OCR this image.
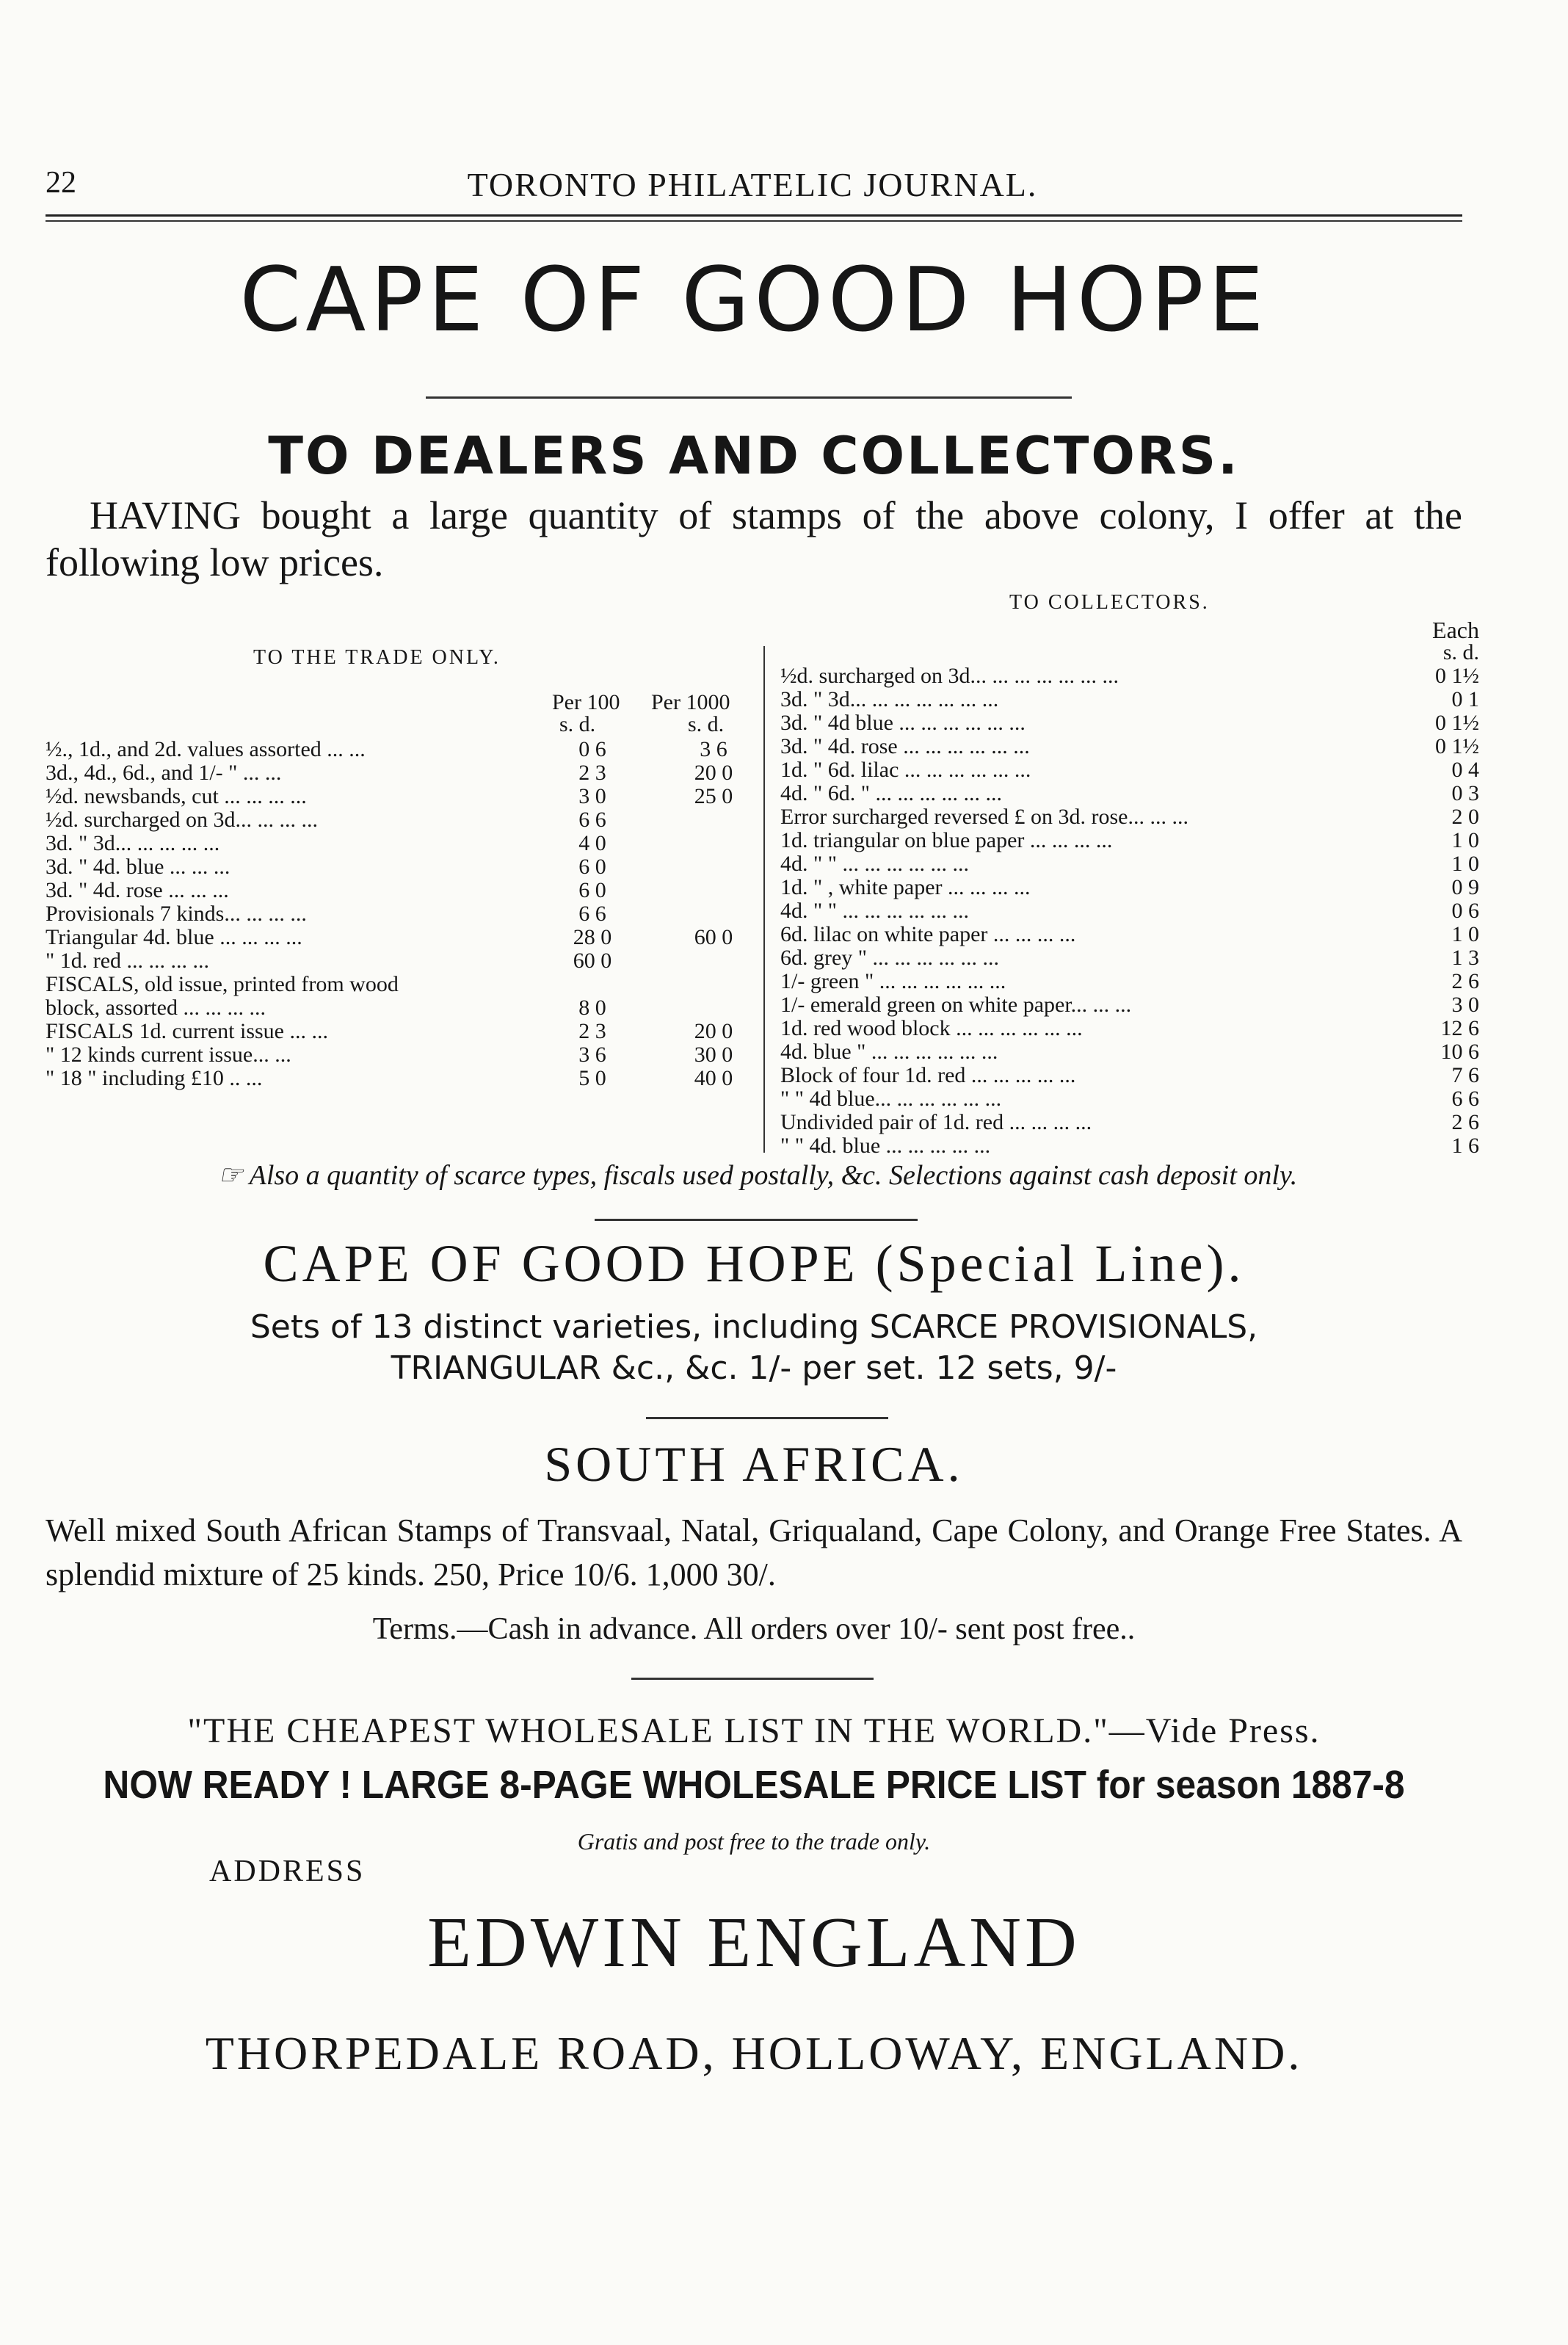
22	TORONTO PHILATELIC JOURNAL.
CAPE OF GOOD HOPE
TO DEALERS AND COLLECTORS.
HAVING bought a large quantity of stamps of the above colony, I offer at the following low prices.
TO THE TRADE ONLY.
Per 100 Per 1000
s. d.	s. d.
½., 1d., and 2d. values assorted ... ...	0 6	3 6
3d., 4d., 6d., and 1/- " ... ...	2 3	20 0
½d. newsbands, cut ... ... ... ...	3 0	25 0
½d. surcharged on 3d... ... ... ...	6 6
3d. " 3d... ... ... ... ...	4 0
3d. " 4d. blue ... ... ...	6 0
3d. " 4d. rose ... ... ...	6 0
Provisionals 7 kinds... ... ... ...	6 6
Triangular 4d. blue ... ... ... ...	28 0	60 0
" 1d. red ... ... ... ...	60 0
FISCALS, old issue, printed from wood
block, assorted ... ... ... ...	8 0
FISCALS 1d. current issue ... ...	2 3	20 0
" 12 kinds current issue... ...	3 6	30 0
" 18 " including £10 .. ...	5 0	40 0
TO COLLECTORS.
Each
s. d.
½d. surcharged on 3d... ... ... ... ... ... ...	0 1½
3d. " 3d... ... ... ... ... ... ...	0 1
3d. " 4d blue ... ... ... ... ... ...	0 1½
3d. " 4d. rose ... ... ... ... ... ...	0 1½
1d. " 6d. lilac ... ... ... ... ... ...	0 4
4d. " 6d. " ... ... ... ... ... ...	0 3
Error surcharged reversed £ on 3d. rose... ... ...	2 0
1d. triangular on blue paper ... ... ... ...	1 0
4d. " " ... ... ... ... ... ...	1 0
1d. " , white paper ... ... ... ...	0 9
4d. " " ... ... ... ... ... ...	0 6
6d. lilac on white paper ... ... ... ...	1 0
6d. grey " ... ... ... ... ... ...	1 3
1/- green " ... ... ... ... ... ...	2 6
1/- emerald green on white paper... ... ...	3 0
1d. red wood block ... ... ... ... ... ...	12 6
4d. blue " ... ... ... ... ... ...	10 6
Block of four 1d. red ... ... ... ... ...	7 6
" " 4d blue... ... ... ... ... ...	6 6
Undivided pair of 1d. red ... ... ... ...	2 6
" " 4d. blue ... ... ... ... ...	1 6
☞ Also a quantity of scarce types, fiscals used postally, &c. Selections against cash deposit only.
CAPE OF GOOD HOPE (Special Line).
Sets of 13 distinct varieties, including SCARCE PROVISIONALS,
TRIANGULAR &c., &c. 1/- per set. 12 sets, 9/-
SOUTH AFRICA.
Well mixed South African Stamps of Transvaal, Natal, Griqualand, Cape Colony, and Orange Free States. A splendid mixture of 25 kinds. 250, Price 10/6. 1,000 30/.
Terms.—Cash in advance. All orders over 10/- sent post free..
"THE CHEAPEST WHOLESALE LIST IN THE WORLD."—Vide Press.
NOW READY ! LARGE 8-PAGE WHOLESALE PRICE LIST for season 1887-8
Gratis and post free to the trade only.
ADDRESS
EDWIN ENGLAND
THORPEDALE ROAD, HOLLOWAY, ENGLAND.
